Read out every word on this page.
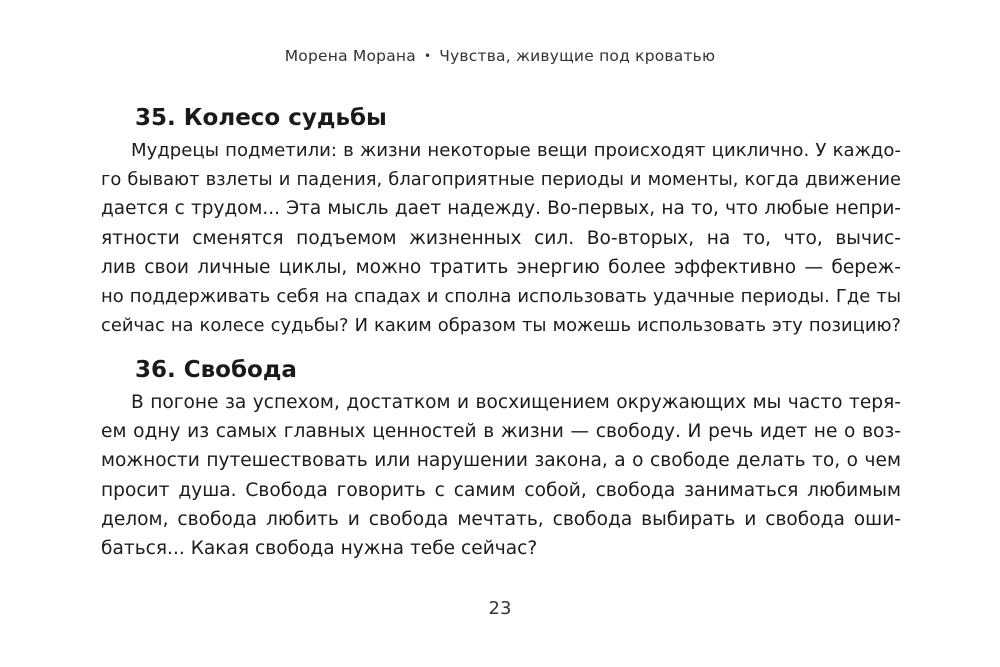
Морена Морана • Чувства, живущие под кроватью
35. Колесо судьбы
Мудрецы подметили: в жизни некоторые вещи происходят циклично. У каждо-
го бывают взлеты и падения, благоприятные периоды и моменты, когда движение
дается с трудом... Эта мысль дает надежду. Во-первых, на то, что любые непри-
ятности сменятся подъемом жизненных сил. Во-вторых, на то, что, вычис-
лив свои личные циклы, можно тратить энергию более эффективно — береж-
но поддерживать себя на спадах и сполна использовать удачные периоды. Где ты
сейчас на колесе судьбы? И каким образом ты можешь использовать эту позицию?
36. Свобода
В погоне за успехом, достатком и восхищением окружающих мы часто теря-
ем одну из самых главных ценностей в жизни — свободу. И речь идет не о воз-
можности путешествовать или нарушении закона, а о свободе делать то, о чем
просит душа. Свобода говорить с самим собой, свобода заниматься любимым
делом, свобода любить и свобода мечтать, свобода выбирать и свобода оши-
баться... Какая свобода нужна тебе сейчас?
23
